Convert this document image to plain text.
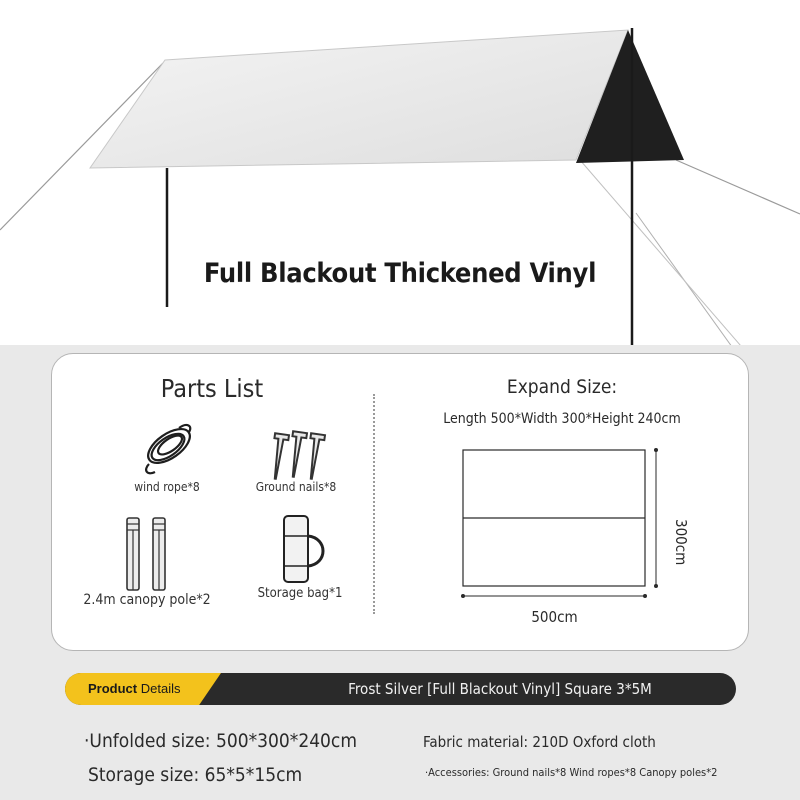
Full Blackout Thickened Vinyl
Parts List
wind rope*8	Ground nails*8
2.4m canopy pole*2	Storage bag*1
Expand Size:
Length 500*Width 300*Height 240cm
300cm
500cm
Product Details	Frost Silver [Full Blackout Vinyl] Square 3*5M
·Unfolded size: 500*300*240cm
Storage size: 65*5*15cm
Fabric material: 210D Oxford cloth
·Accessories: Ground nails*8 Wind ropes*8 Canopy poles*2
